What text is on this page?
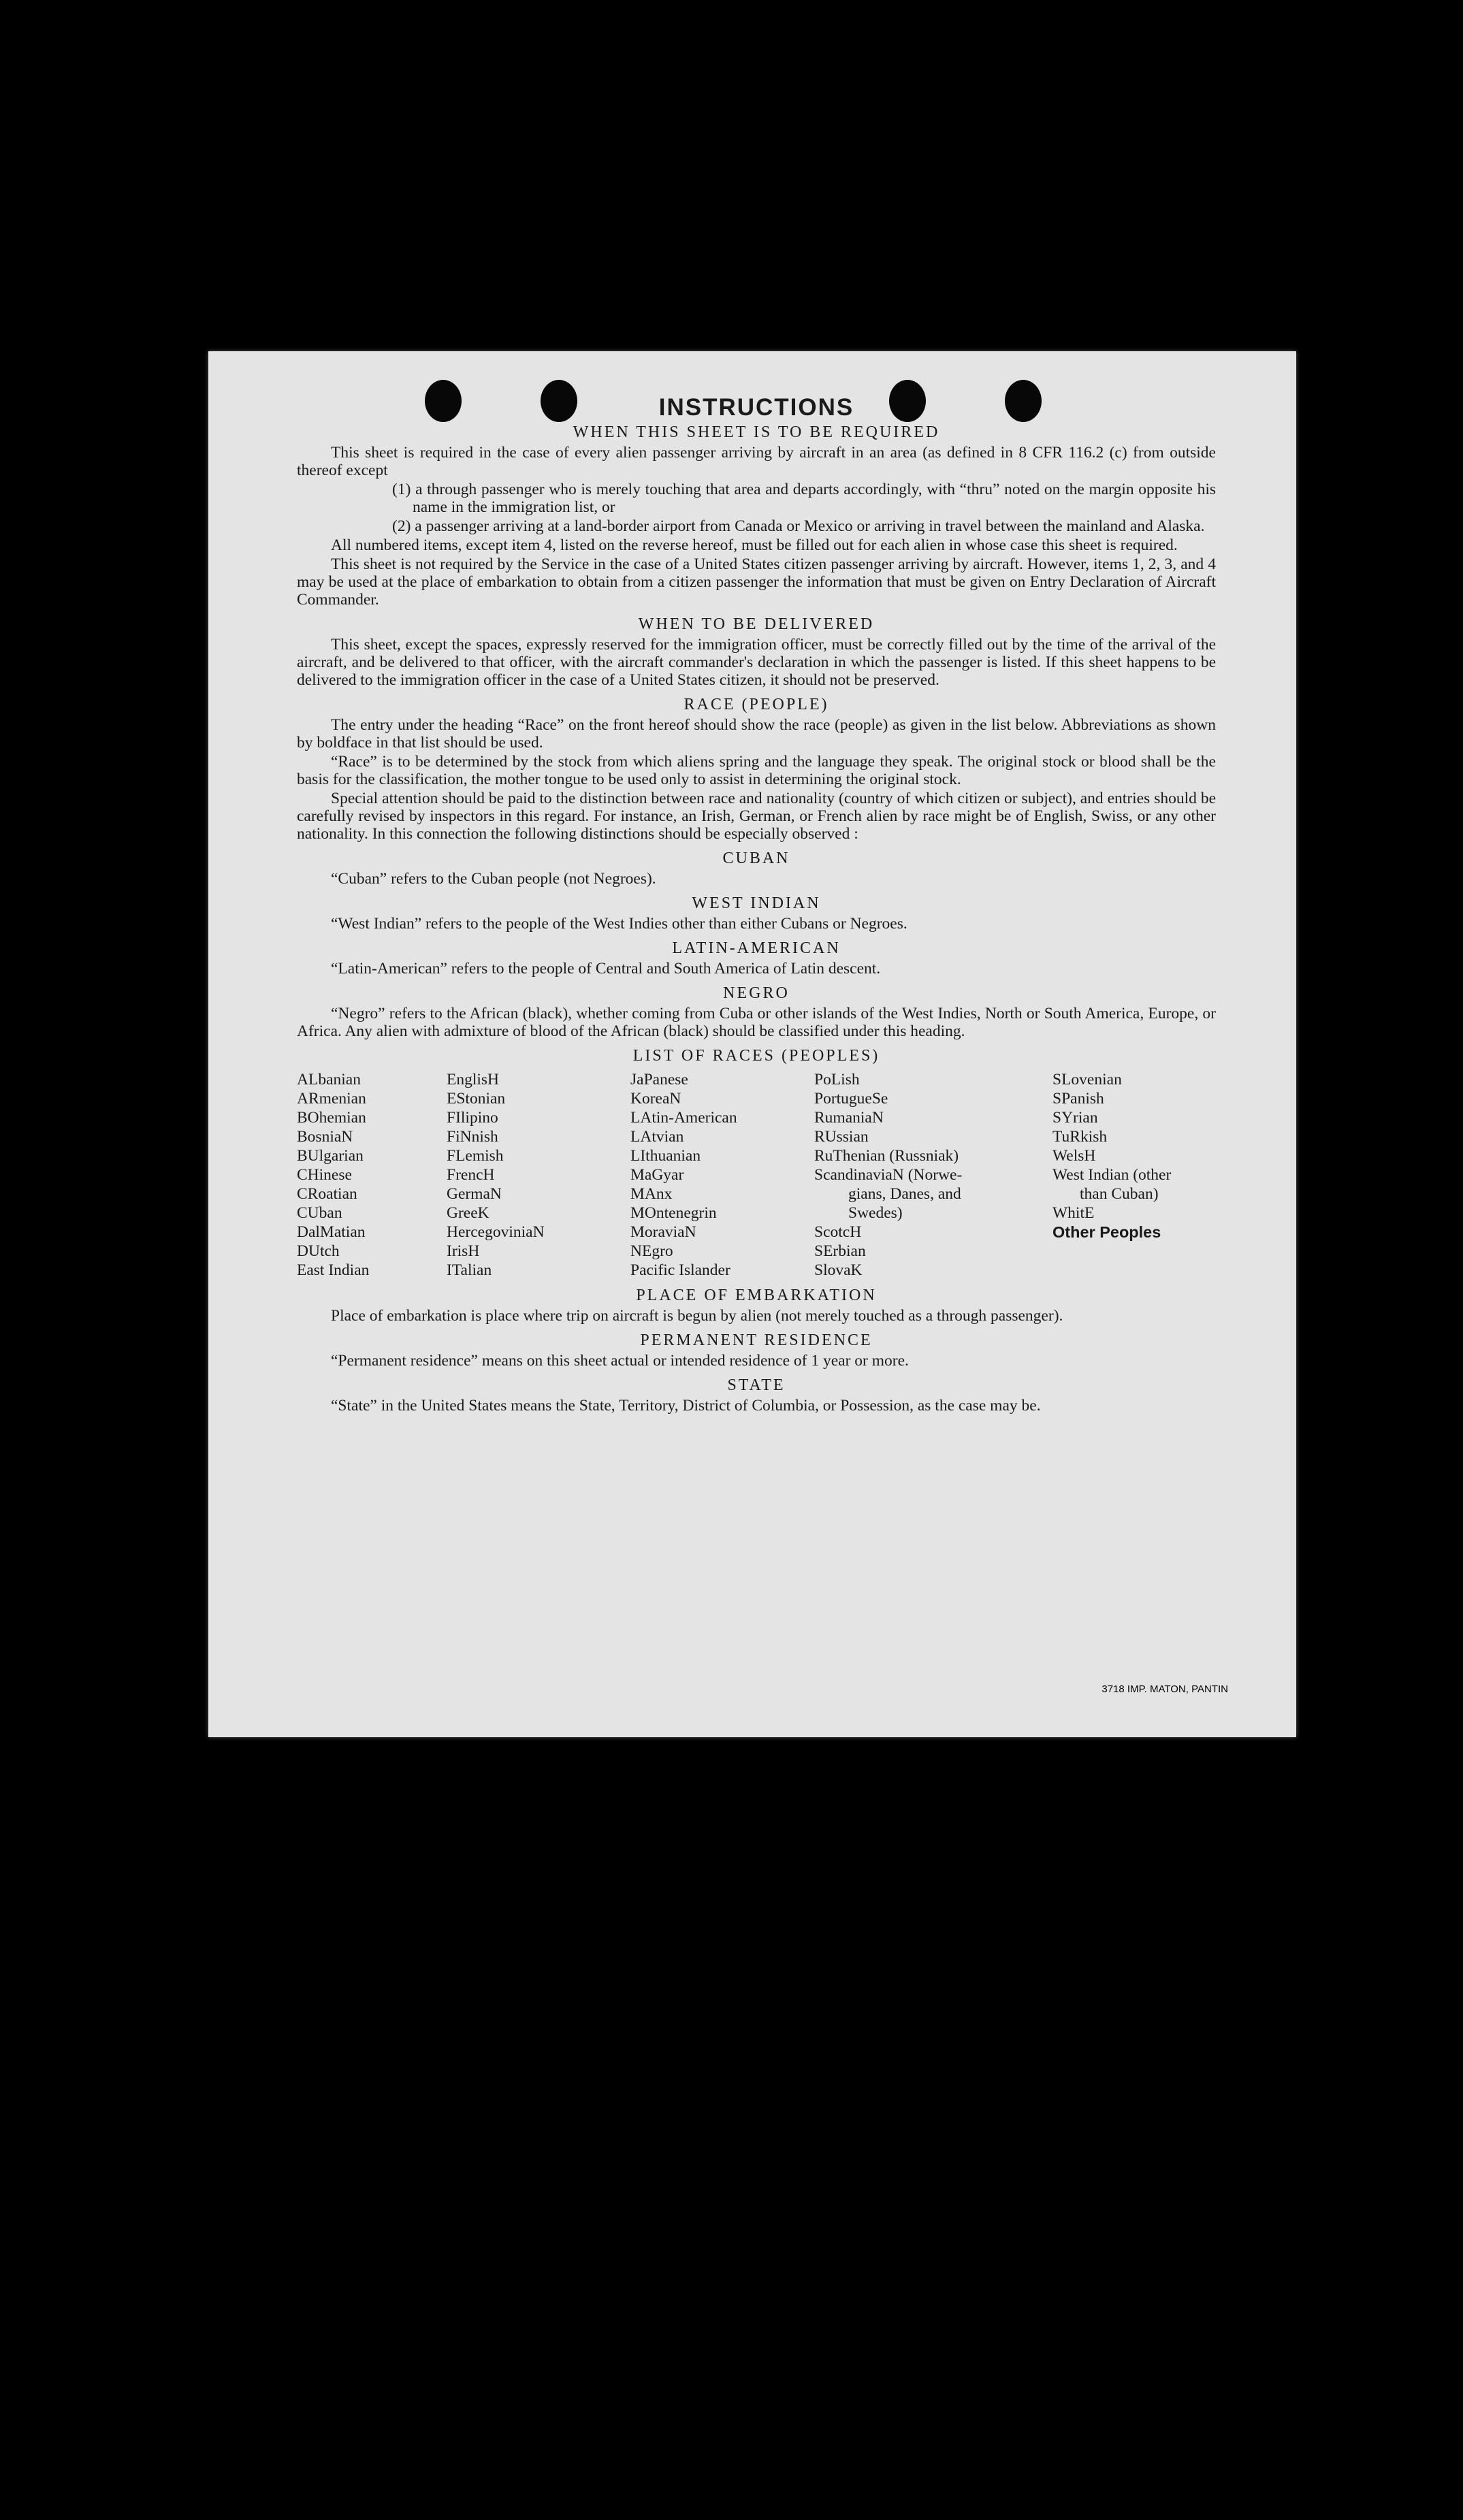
INSTRUCTIONS
WHEN THIS SHEET IS TO BE REQUIRED
This sheet is required in the case of every alien passenger arriving by aircraft in an area (as defined in 8 CFR 116.2 (c) from outside thereof except
(1) a through passenger who is merely touching that area and departs accordingly, with “thru” noted on the margin opposite his name in the immigration list, or
(2) a passenger arriving at a land-border airport from Canada or Mexico or arriving in travel between the mainland and Alaska.
All numbered items, except item 4, listed on the reverse hereof, must be filled out for each alien in whose case this sheet is required.
This sheet is not required by the Service in the case of a United States citizen passenger arriving by aircraft. However, items 1, 2, 3, and 4 may be used at the place of embarkation to obtain from a citizen passenger the information that must be given on Entry Declaration of Aircraft Commander.
WHEN TO BE DELIVERED
This sheet, except the spaces, expressly reserved for the immigration officer, must be correctly filled out by the time of the arrival of the aircraft, and be delivered to that officer, with the aircraft commander's declaration in which the passenger is listed. If this sheet happens to be delivered to the immigration officer in the case of a United States citizen, it should not be preserved.
RACE (PEOPLE)
The entry under the heading “Race” on the front hereof should show the race (people) as given in the list below. Abbreviations as shown by boldface in that list should be used.
“Race” is to be determined by the stock from which aliens spring and the language they speak. The original stock or blood shall be the basis for the classification, the mother tongue to be used only to assist in determining the original stock.
Special attention should be paid to the distinction between race and nationality (country of which citizen or subject), and entries should be carefully revised by inspectors in this regard. For instance, an Irish, German, or French alien by race might be of English, Swiss, or any other nationality. In this connection the following distinctions should be especially observed :
CUBAN
“Cuban” refers to the Cuban people (not Negroes).
WEST INDIAN
“West Indian” refers to the people of the West Indies other than either Cubans or Negroes.
LATIN-AMERICAN
“Latin-American” refers to the people of Central and South America of Latin descent.
NEGRO
“Negro” refers to the African (black), whether coming from Cuba or other islands of the West Indies, North or South America, Europe, or Africa. Any alien with admixture of blood of the African (black) should be classified under this heading.
LIST OF RACES (PEOPLES)
ALbanian
ARmenian
BOhemian
BosniaN
BUlgarian
CHinese
CRoatian
CUban
DalMatian
DUtch
East Indian
EnglisH
EStonian
FIlipino
FiNnish
FLemish
FrencH
GermaN
GreeK
HercegoviniaN
IrisH
ITalian
JaPanese
KoreaN
LAtin-American
LAtvian
LIthuanian
MaGyar
MAnx
MOntenegrin
MoraviaN
NEgro
Pacific Islander
PoLish
PortugueSe
RumaniaN
RUssian
RuThenian (Russniak)
ScandinaviaN (Norwe-
gians, Danes, and
Swedes)
ScotcH
SErbian
SlovaK
SLovenian
SPanish
SYrian
TuRkish
WelsH
West Indian (other
than Cuban)
WhitE
Other Peoples
PLACE OF EMBARKATION
Place of embarkation is place where trip on aircraft is begun by alien (not merely touched as a through passenger).
PERMANENT RESIDENCE
“Permanent residence” means on this sheet actual or intended residence of 1 year or more.
STATE
“State” in the United States means the State, Territory, District of Columbia, or Possession, as the case may be.
3718 IMP. MATON, PANTIN
